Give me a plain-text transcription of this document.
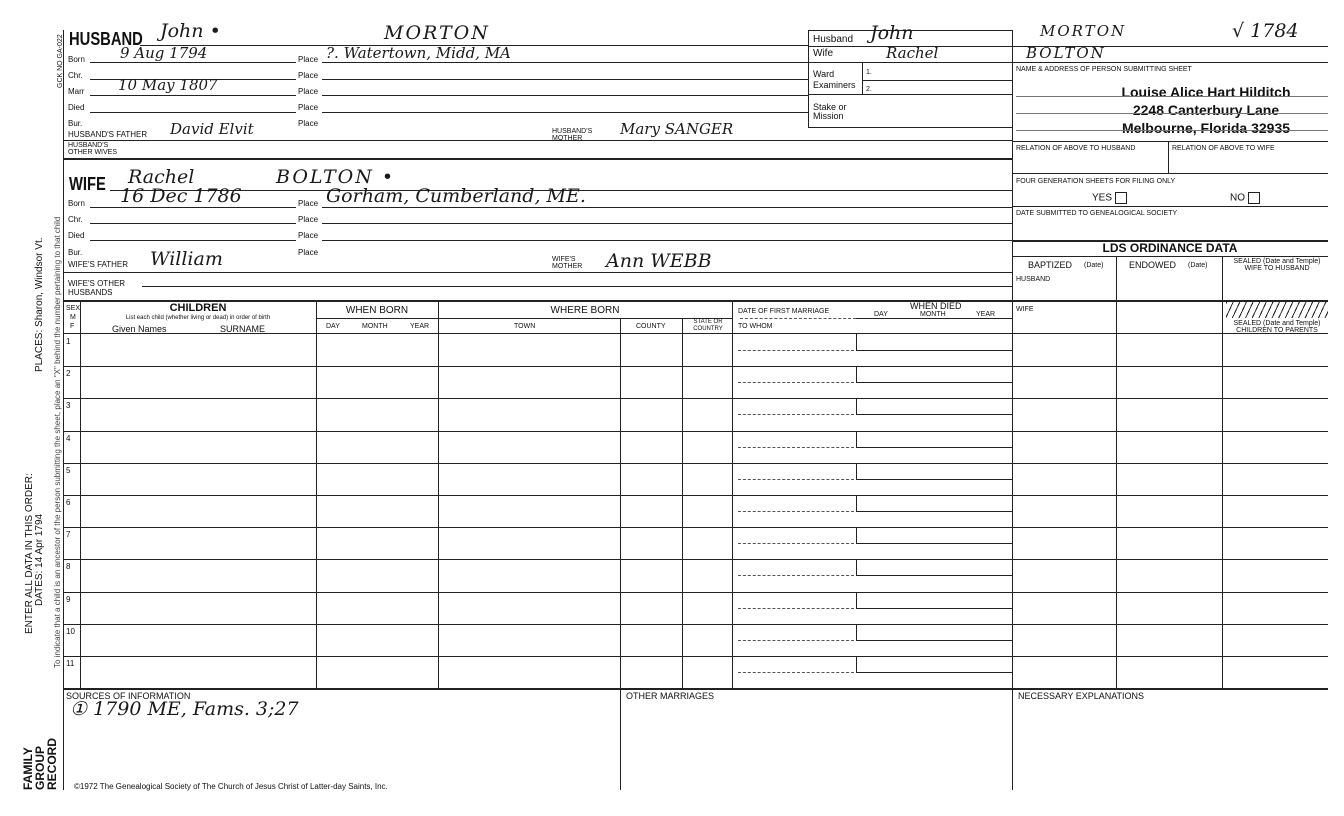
GCK NO GA-022
PLACES: Sharon, Windsor Vt.
ENTER ALL DATA IN THIS ORDER: DATES: 14 Apr 1794 To indicate that a child is an ancestor of the person submitting the sheet, place an "X" behind the number pertaining to that child
FAMILY GROUP RECORD
HUSBAND John •	MORTON
Born 9 Aug 1794	Place ?. Watertown, Midd, MA
Chr.	Place
Marr 10 May 1807	Place
Died	Place
Bur.	Place
HUSBAND'S FATHER David Elvit	HUSBAND'S MOTHER
Mary SANGER
HUSBAND'S OTHER WIVES
WIFE Rachel	BOLTON •
Born 16 Dec 1786	Place Gorham, Cumberland, ME.
Chr.	Place
Died	Place
Bur.	Place
WIFE'S FATHER William	WIFE'S MOTHER	Ann WEBB
WIFE'S OTHER HUSBANDS
Husband John	MORTON	√ 1784
Wife	Rachel	BOLTON
NAME & ADDRESS OF PERSON SUBMITTING SHEET
Ward
Examiners
1.
2.
Stake or Mission
Louise Alice Hart Hilditch
2248 Canterbury Lane
Melbourne, Florida 32935
RELATION OF ABOVE TO HUSBAND	RELATION OF ABOVE TO WIFE
FOUR GENERATION SHEETS FOR FILING ONLY
YES	NO
DATE SUBMITTED TO GENEALOGICAL SOCIETY
LDS ORDINANCE DATA
BAPTIZED (Date)	ENDOWED (Date)
SEALED (Date and Temple) WIFE TO HUSBAND
HUSBAND
WIFE
SEALED (Date and Temple) CHILDREN TO PARENTS
SEX
M
F
CHILDREN
List each child (whether living or dead) in order of birth
Given Names	SURNAME
WHEN BORN
DAY	MONTH	YEAR
WHERE BORN
TOWN	COUNTY
STATE OR COUNTRY
DATE OF FIRST MARRIAGE
TO WHOM
DAY
WHEN DIED
MONTH	YEAR
1
2
3
4
5
6
7
8
9
10
11
SOURCES OF INFORMATION
① 1790 ME, Fams. 3;27
OTHER MARRIAGES	NECESSARY EXPLANATIONS
©1972 The Genealogical Society of The Church of Jesus Christ of Latter-day Saints, Inc.
